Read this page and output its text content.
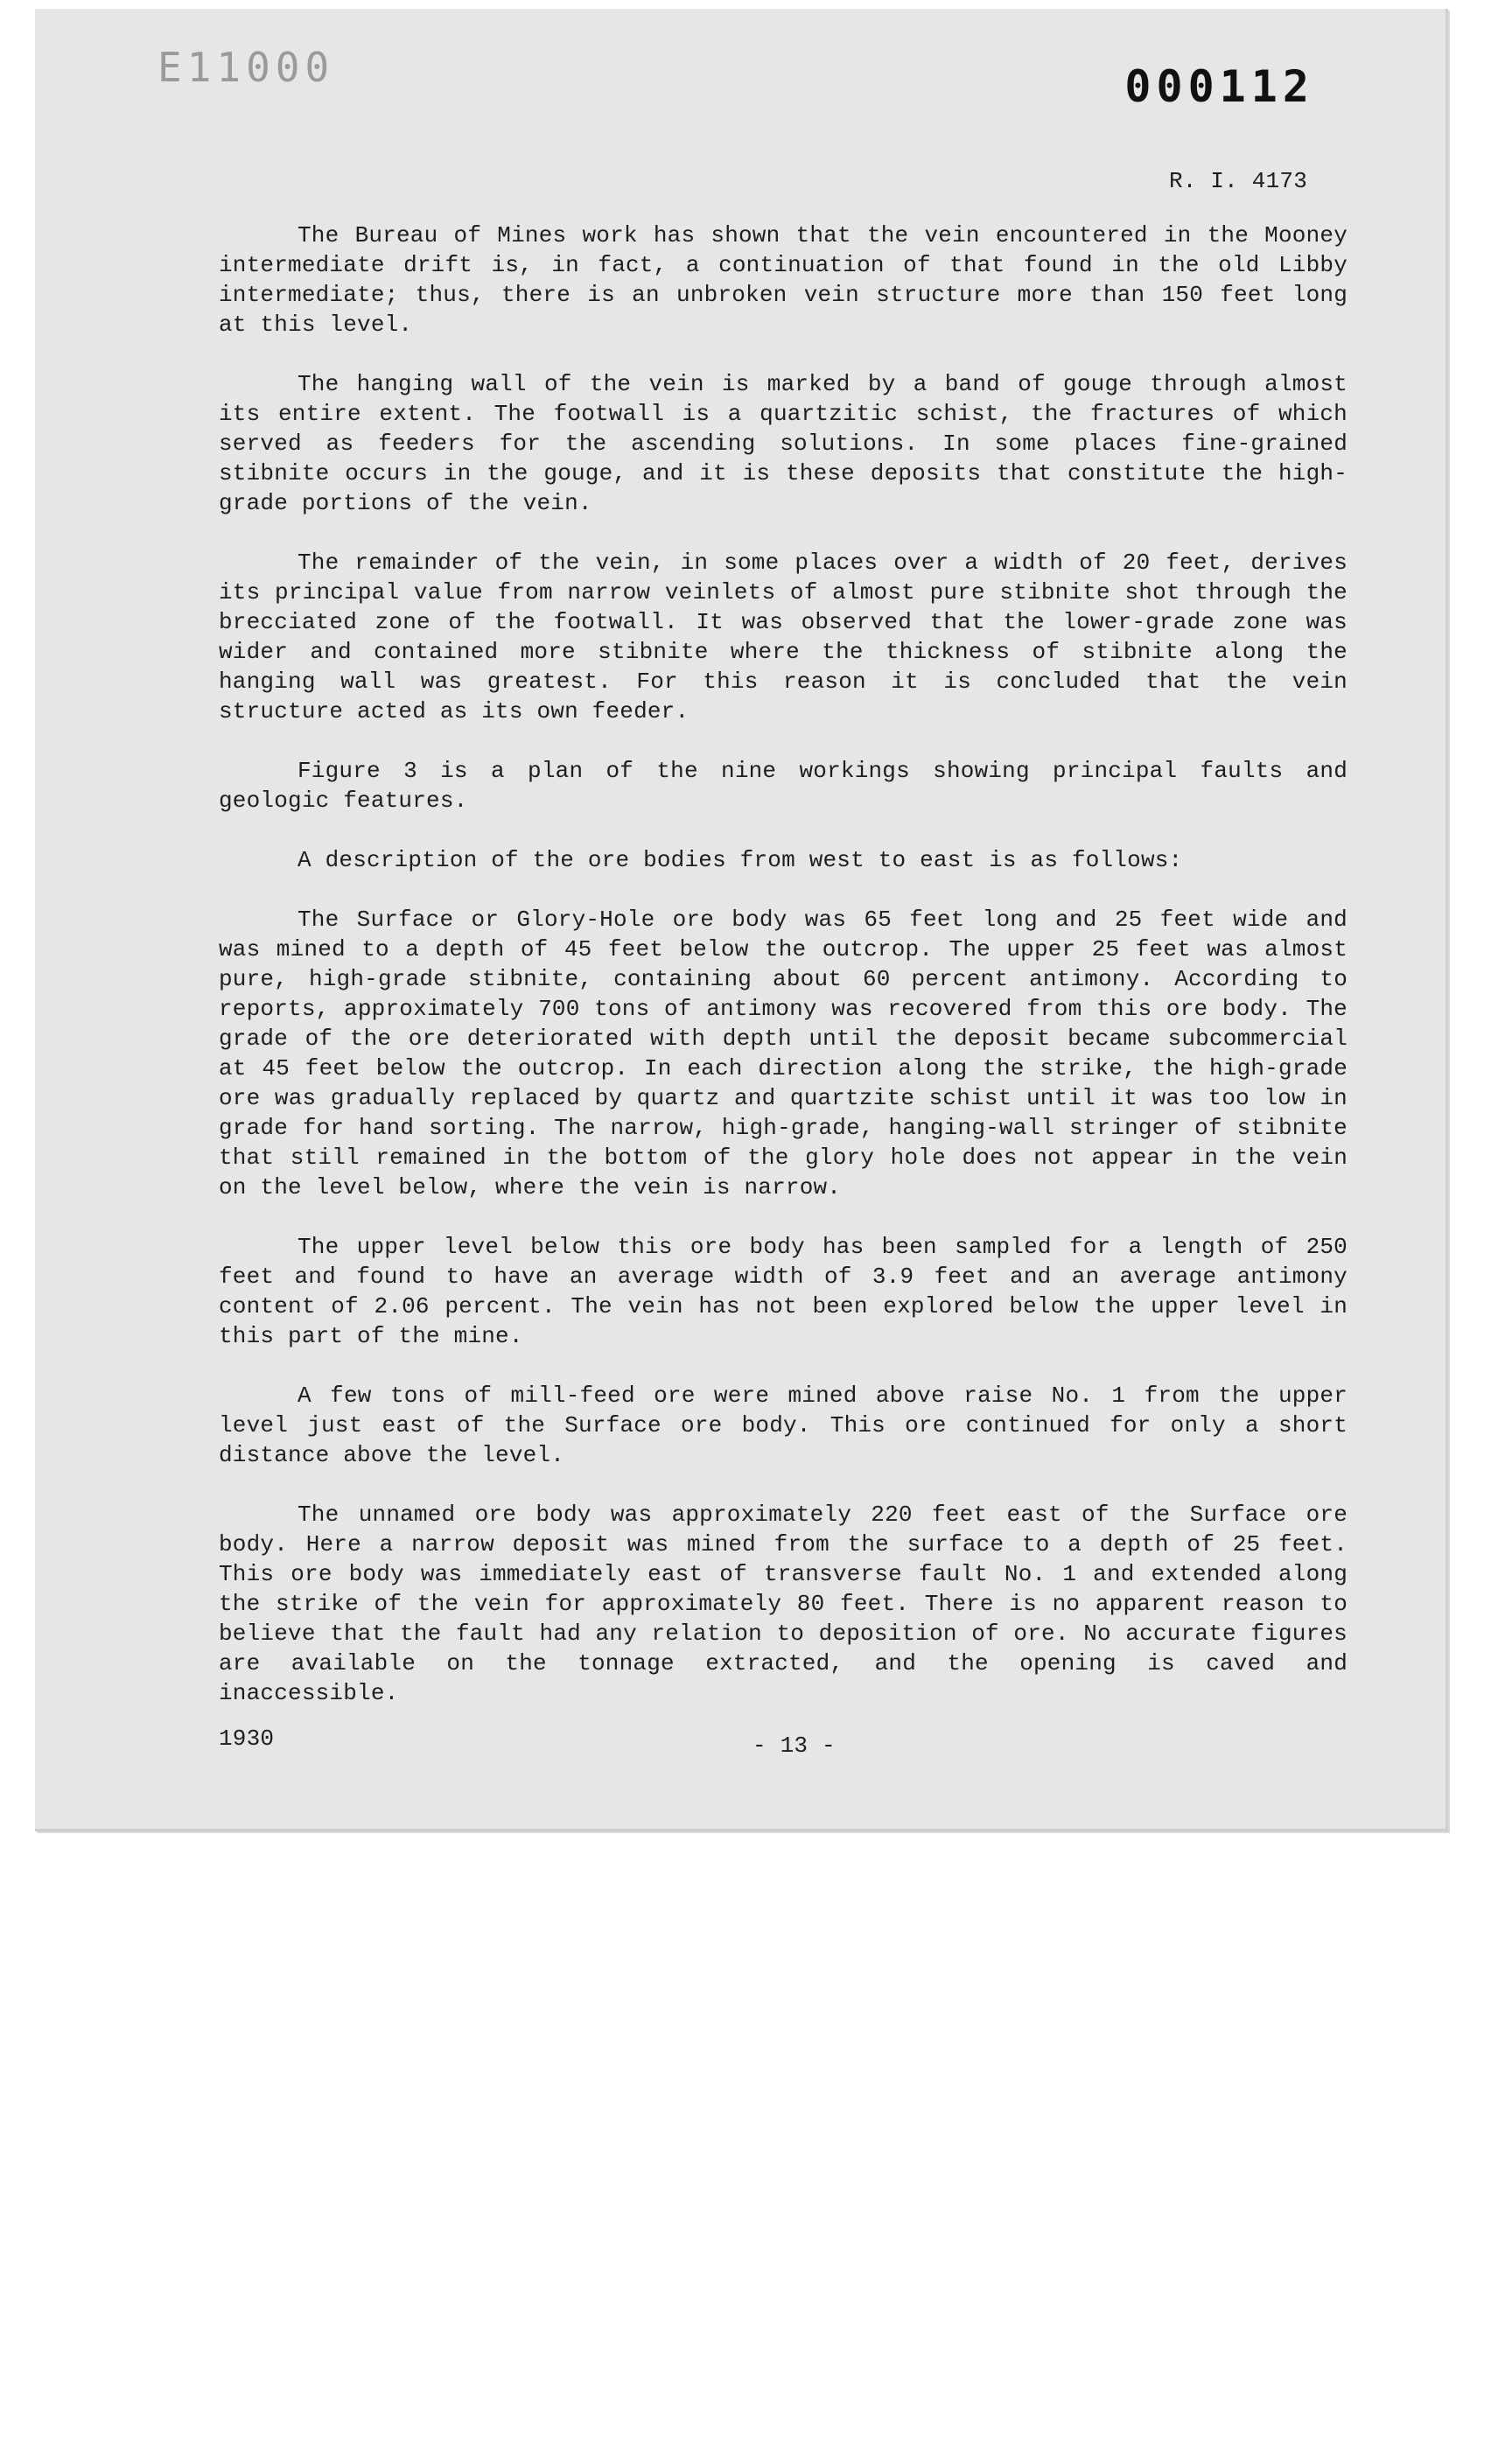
E11000	000112
R. I. 4173

The Bureau of Mines work has shown that the vein encountered in the Mooney intermediate drift is, in fact, a continuation of that found in the old Libby intermediate; thus, there is an unbroken vein structure more than 150 feet long at this level.

The hanging wall of the vein is marked by a band of gouge through almost its entire extent. The footwall is a quartzitic schist, the fractures of which served as feeders for the ascending solutions. In some places fine-grained stibnite occurs in the gouge, and it is these deposits that constitute the high-grade portions of the vein.

The remainder of the vein, in some places over a width of 20 feet, derives its principal value from narrow veinlets of almost pure stibnite shot through the brecciated zone of the footwall. It was observed that the lower-grade zone was wider and contained more stibnite where the thickness of stibnite along the hanging wall was greatest. For this reason it is concluded that the vein structure acted as its own feeder.

Figure 3 is a plan of the nine workings showing principal faults and geologic features.

A description of the ore bodies from west to east is as follows:

The Surface or Glory-Hole ore body was 65 feet long and 25 feet wide and was mined to a depth of 45 feet below the outcrop. The upper 25 feet was almost pure, high-grade stibnite, containing about 60 percent antimony. According to reports, approximately 700 tons of antimony was recovered from this ore body. The grade of the ore deteriorated with depth until the deposit became subcommercial at 45 feet below the outcrop. In each direction along the strike, the high-grade ore was gradually replaced by quartz and quartzite schist until it was too low in grade for hand sorting. The narrow, high-grade, hanging-wall stringer of stibnite that still remained in the bottom of the glory hole does not appear in the vein on the level below, where the vein is narrow.

The upper level below this ore body has been sampled for a length of 250 feet and found to have an average width of 3.9 feet and an average antimony content of 2.06 percent. The vein has not been explored below the upper level in this part of the mine.

A few tons of mill-feed ore were mined above raise No. 1 from the upper level just east of the Surface ore body. This ore continued for only a short distance above the level.

The unnamed ore body was approximately 220 feet east of the Surface ore body. Here a narrow deposit was mined from the surface to a depth of 25 feet. This ore body was immediately east of transverse fault No. 1 and extended along the strike of the vein for approximately 80 feet. There is no apparent reason to believe that the fault had any relation to deposition of ore. No accurate figures are available on the tonnage extracted, and the opening is caved and inaccessible.

1930	- 13 -
